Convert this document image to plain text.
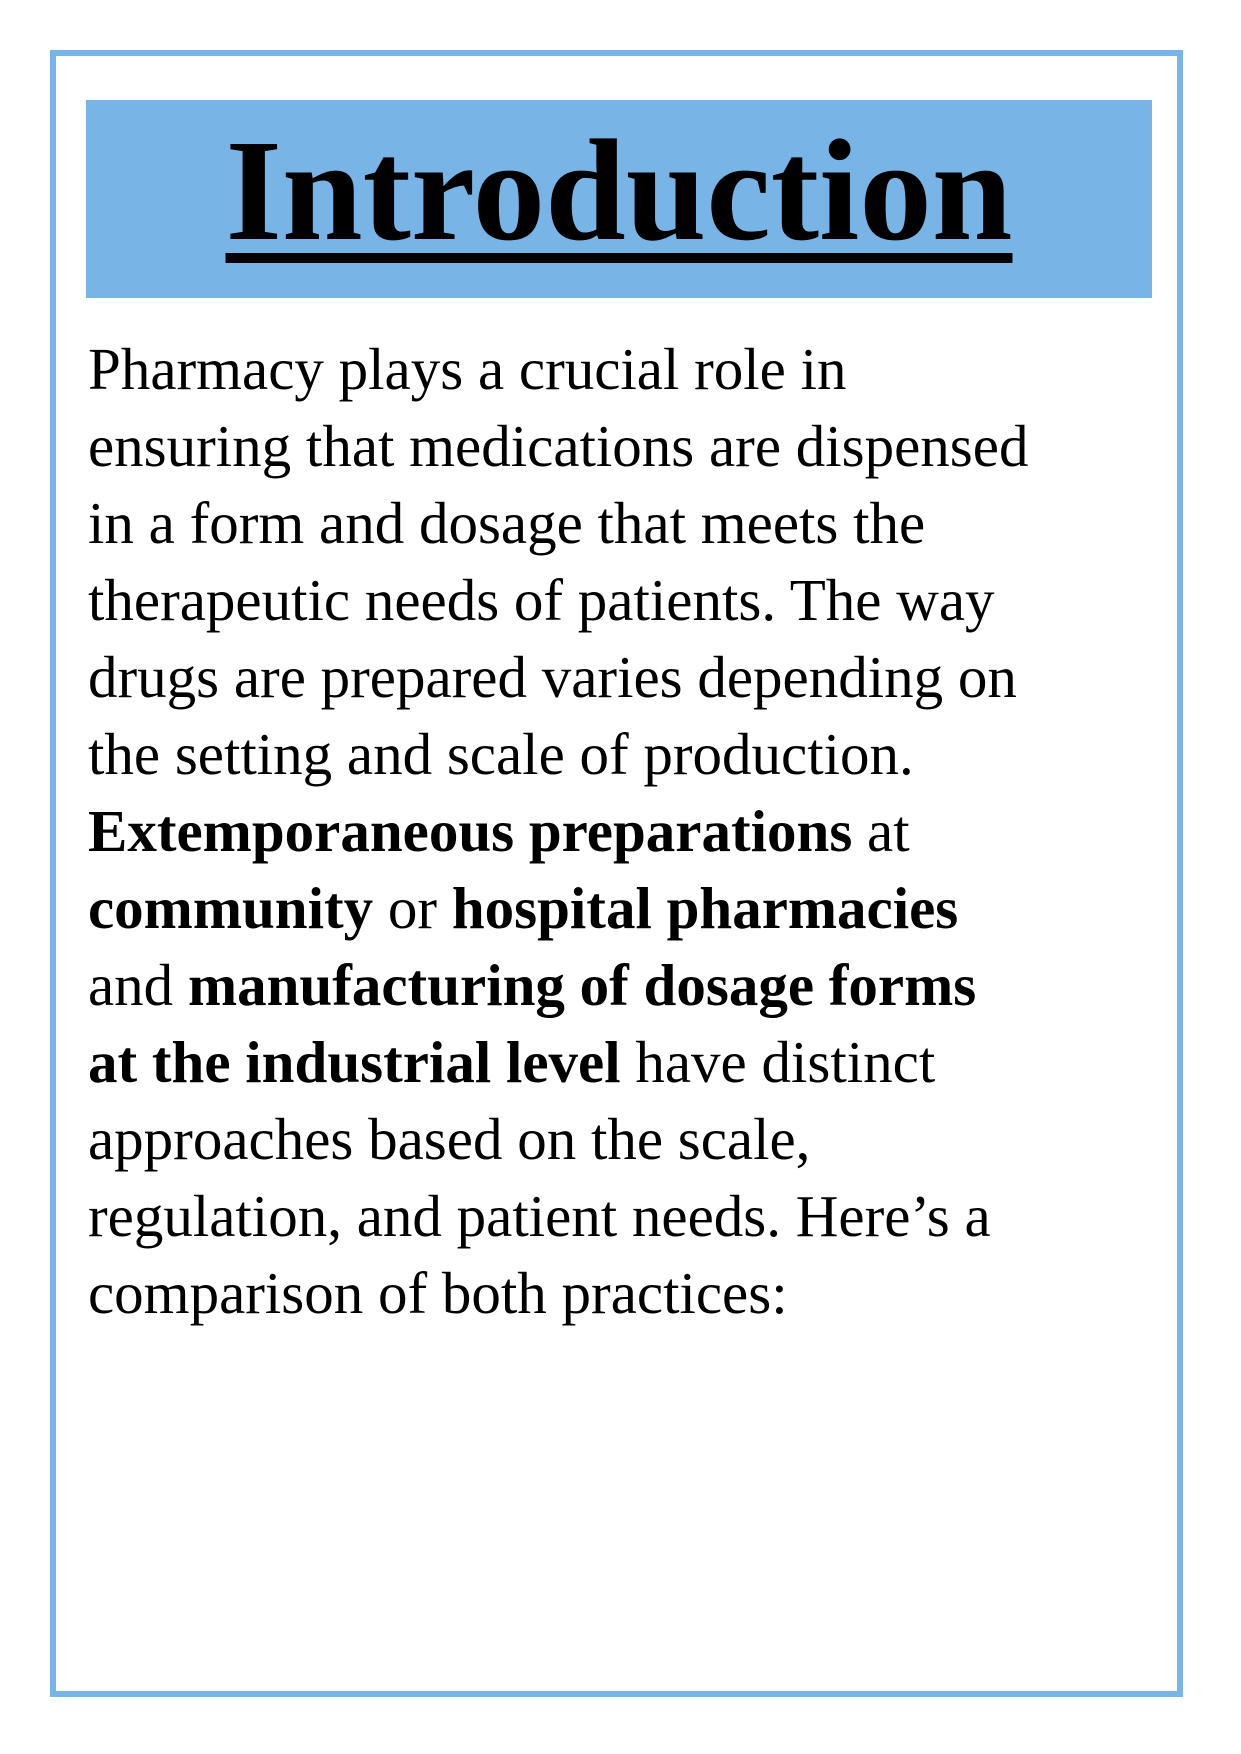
Introduction
Pharmacy plays a crucial role in
ensuring that medications are dispensed
in a form and dosage that meets the
therapeutic needs of patients. The way
drugs are prepared varies depending on
the setting and scale of production.
Extemporaneous preparations at
community or hospital pharmacies
and manufacturing of dosage forms
at the industrial level have distinct
approaches based on the scale,
regulation, and patient needs. Here’s a
comparison of both practices:
